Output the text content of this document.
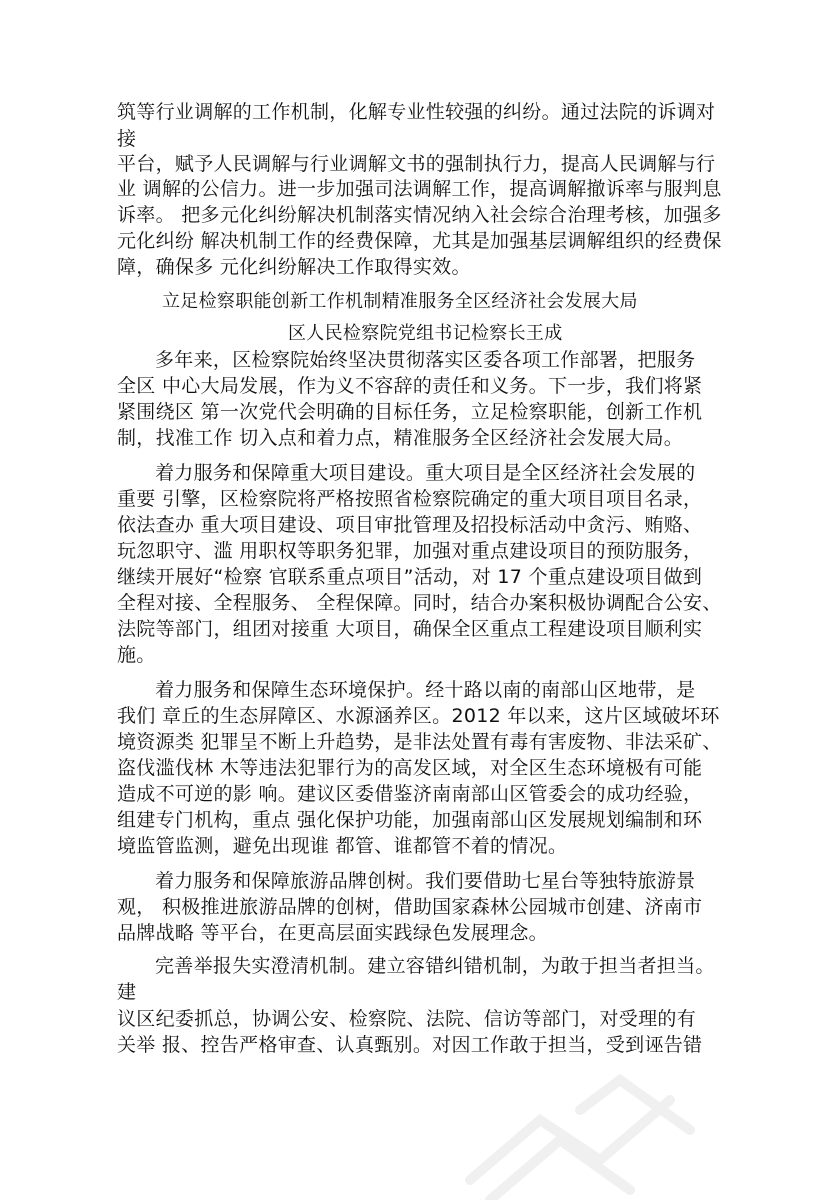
筑等行业调解的工作机制，化解专业性较强的纠纷。通过法院的诉调对
接
平台，赋予人民调解与行业调解文书的强制执行力，提高人民调解与行
业 调解的公信力。进一步加强司法调解工作，提高调解撤诉率与服判息
诉率。 把多元化纠纷解决机制落实情况纳入社会综合治理考核，加强多
元化纠纷 解决机制工作的经费保障，尤其是加强基层调解组织的经费保
障，确保多 元化纠纷解决工作取得实效。
立足检察职能创新工作机制精准服务全区经济社会发展大局
区人民检察院党组书记检察长王成
多年来，区检察院始终坚决贯彻落实区委各项工作部署，把服务
全区 中心大局发展，作为义不容辞的责任和义务。下一步，我们将紧
紧围绕区 第一次党代会明确的目标任务，立足检察职能，创新工作机
制，找准工作 切入点和着力点，精准服务全区经济社会发展大局。
着力服务和保障重大项目建设。重大项目是全区经济社会发展的
重要 引擎，区检察院将严格按照省检察院确定的重大项目项目名录，
依法查办 重大项目建设、项目审批管理及招投标活动中贪污、贿赂、
玩忽职守、滥 用职权等职务犯罪，加强对重点建设项目的预防服务，
继续开展好“检察 官联系重点项目”活动，对 17 个重点建设项目做到
全程对接、全程服务、 全程保障。同时，结合办案积极协调配合公安、
法院等部门，组团对接重 大项目，确保全区重点工程建设项目顺利实
施。
着力服务和保障生态环境保护。经十路以南的南部山区地带，是
我们 章丘的生态屏障区、水源涵养区。2012 年以来，这片区域破坏环
境资源类 犯罪呈不断上升趋势，是非法处置有毒有害废物、非法采矿、
盗伐滥伐林 木等违法犯罪行为的高发区域，对全区生态环境极有可能
造成不可逆的影 响。建议区委借鉴济南南部山区管委会的成功经验，
组建专门机构，重点 强化保护功能，加强南部山区发展规划编制和环
境监管监测，避免出现谁 都管、谁都管不着的情况。
着力服务和保障旅游品牌创树。我们要借助七星台等独特旅游景
观， 积极推进旅游品牌的创树，借助国家森林公园城市创建、济南市
品牌战略 等平台，在更高层面实践绿色发展理念。
完善举报失实澄清机制。建立容错纠错机制，为敢于担当者担当。
建
议区纪委抓总，协调公安、检察院、法院、信访等部门，对受理的有
关举 报、控告严格审查、认真甄别。对因工作敢于担当，受到诬告错
